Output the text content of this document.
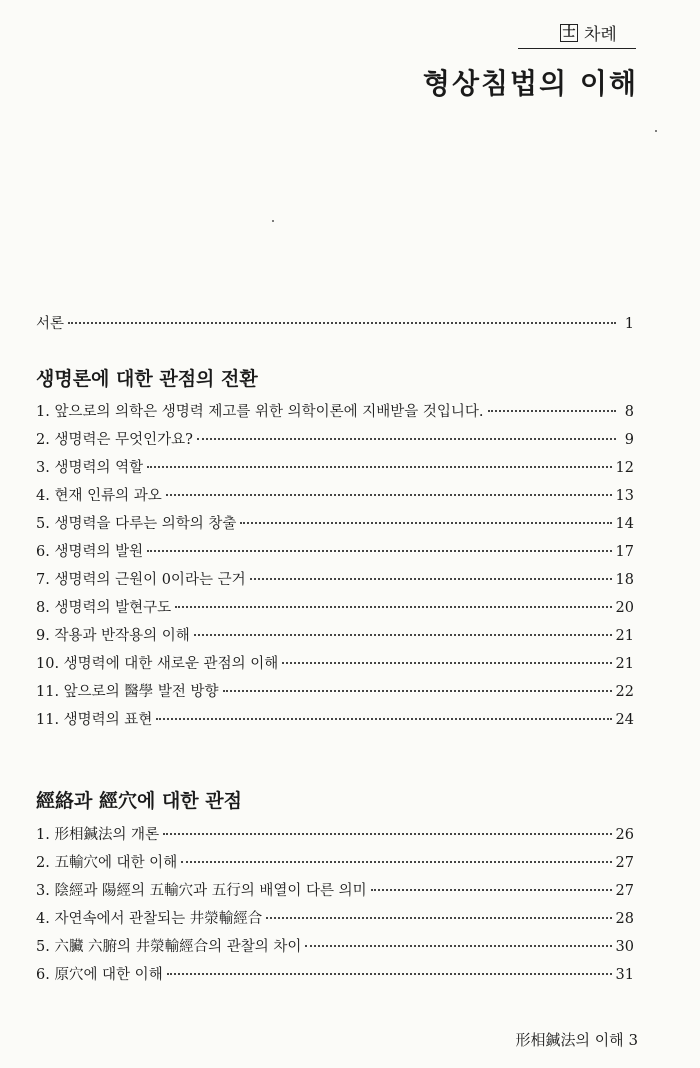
士 차례
형상침법의 이해
서론	1
생명론에 대한 관점의 전환
1. 앞으로의 의학은 생명력 제고를 위한 의학이론에 지배받을 것입니다.	8
2. 생명력은 무엇인가요?	9
3. 생명력의 역할	12
4. 현재 인류의 과오	13
5. 생명력을 다루는 의학의 창출	14
6. 생명력의 발원	17
7. 생명력의 근원이 0이라는 근거	18
8. 생명력의 발현구도	20
9. 작용과 반작용의 이해	21
10. 생명력에 대한 새로운 관점의 이해	21
11. 앞으로의 醫學 발전 방향	22
11. 생명력의 표현	24
經絡과 經穴에 대한 관점
1. 形相鍼法의 개론	26
2. 五輸穴에 대한 이해	27
3. 陰經과 陽經의 五輸穴과 五行의 배열이 다른 의미	27
4. 자연속에서 관찰되는 井滎輸經合	28
5. 六臟 六腑의 井滎輸經合의 관찰의 차이	30
6. 原穴에 대한 이해	31
形相鍼法의 이해 3
